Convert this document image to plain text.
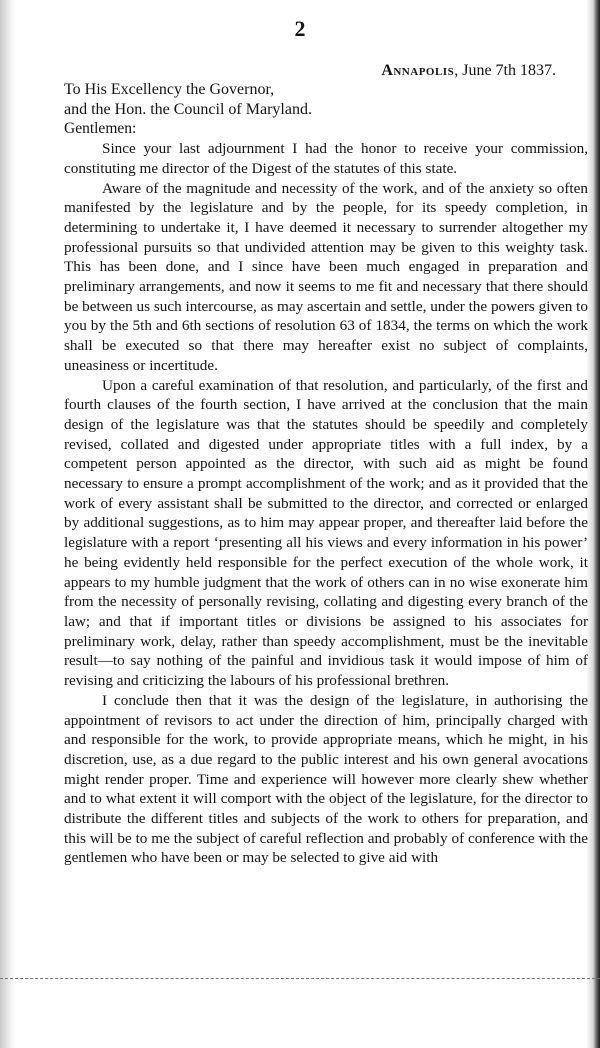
2
Annapolis, June 7th 1837.

To His Excellency the Governor,

and the Hon. the Council of Maryland.

Gentlemen:

Since your last adjournment I had the honor to receive your commission, constituting me director of the Digest of the statutes of this state.

Aware of the magnitude and necessity of the work, and of the anxiety so often manifested by the legislature and by the people, for its speedy completion, in determining to undertake it, I have deemed it necessary to surrender altogether my professional pursuits so that undivided attention may be given to this weighty task. This has been done, and I since have been much engaged in preparation and preliminary arrangements, and now it seems to me fit and necessary that there should be between us such intercourse, as may ascertain and settle, under the powers given to you by the 5th and 6th sections of resolution 63 of 1834, the terms on which the work shall be executed so that there may hereafter exist no subject of complaints, uneasiness or incertitude.

Upon a careful examination of that resolution, and particularly, of the first and fourth clauses of the fourth section, I have arrived at the conclusion that the main design of the legislature was that the statutes should be speedily and completely revised, collated and digested under appropriate titles with a full index, by a competent person appointed as the director, with such aid as might be found necessary to ensure a prompt accomplishment of the work; and as it provided that the work of every assistant shall be submitted to the director, and corrected or enlarged by additional suggestions, as to him may appear proper, and thereafter laid before the legislature with a report ‘presenting all his views and every information in his power’ he being evidently held responsible for the perfect execution of the whole work, it appears to my humble judgment that the work of others can in no wise exonerate him from the necessity of personally revising, collating and digesting every branch of the law; and that if important titles or divisions be assigned to his associates for preliminary work, delay, rather than speedy accomplishment, must be the inevitable result—to say nothing of the painful and invidious task it would impose of him of revising and criticizing the labours of his professional brethren.

I conclude then that it was the design of the legislature, in authorising the appointment of revisors to act under the direction of him, principally charged with and responsible for the work, to provide appropriate means, which he might, in his discretion, use, as a due regard to the public interest and his own general avocations might render proper. Time and experience will however more clearly shew whether and to what extent it will comport with the object of the legislature, for the director to distribute the different titles and subjects of the work to others for preparation, and this will be to me the subject of careful reflection and probably of conference with the gentlemen who have been or may be selected to give aid with
